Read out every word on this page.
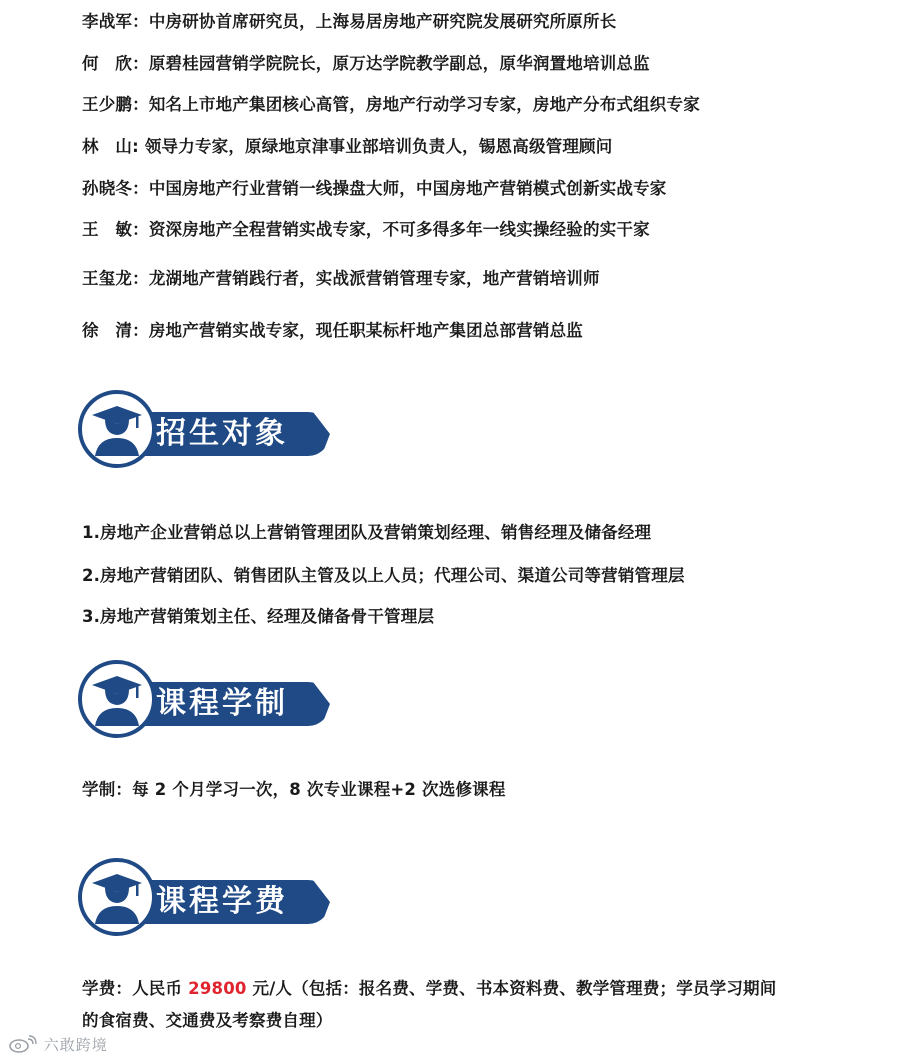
李战军：中房研协首席研究员，上海易居房地产研究院发展研究所原所长
何　欣：原碧桂园营销学院院长，原万达学院教学副总，原华润置地培训总监
王少鹏：知名上市地产集团核心高管，房地产行动学习专家，房地产分布式组织专家
林　山: 领导力专家，原绿地京津事业部培训负责人，锡恩高级管理顾问
孙晓冬：中国房地产行业营销一线操盘大师，中国房地产营销模式创新实战专家
王　敏：资深房地产全程营销实战专家，不可多得多年一线实操经验的实干家
王玺龙：龙湖地产营销践行者，实战派营销管理专家，地产营销培训师
徐　清：房地产营销实战专家，现任职某标杆地产集团总部营销总监
招生对象
1.房地产企业营销总以上营销管理团队及营销策划经理、销售经理及储备经理
2.房地产营销团队、销售团队主管及以上人员；代理公司、渠道公司等营销管理层
3.房地产营销策划主任、经理及储备骨干管理层
课程学制
学制：每 2 个月学习一次，8 次专业课程+2 次选修课程
课程学费
学费：人民币 29800 元/人（包括：报名费、学费、书本资料费、教学管理费；学员学习期间
的食宿费、交通费及考察费自理）
六敢跨境
